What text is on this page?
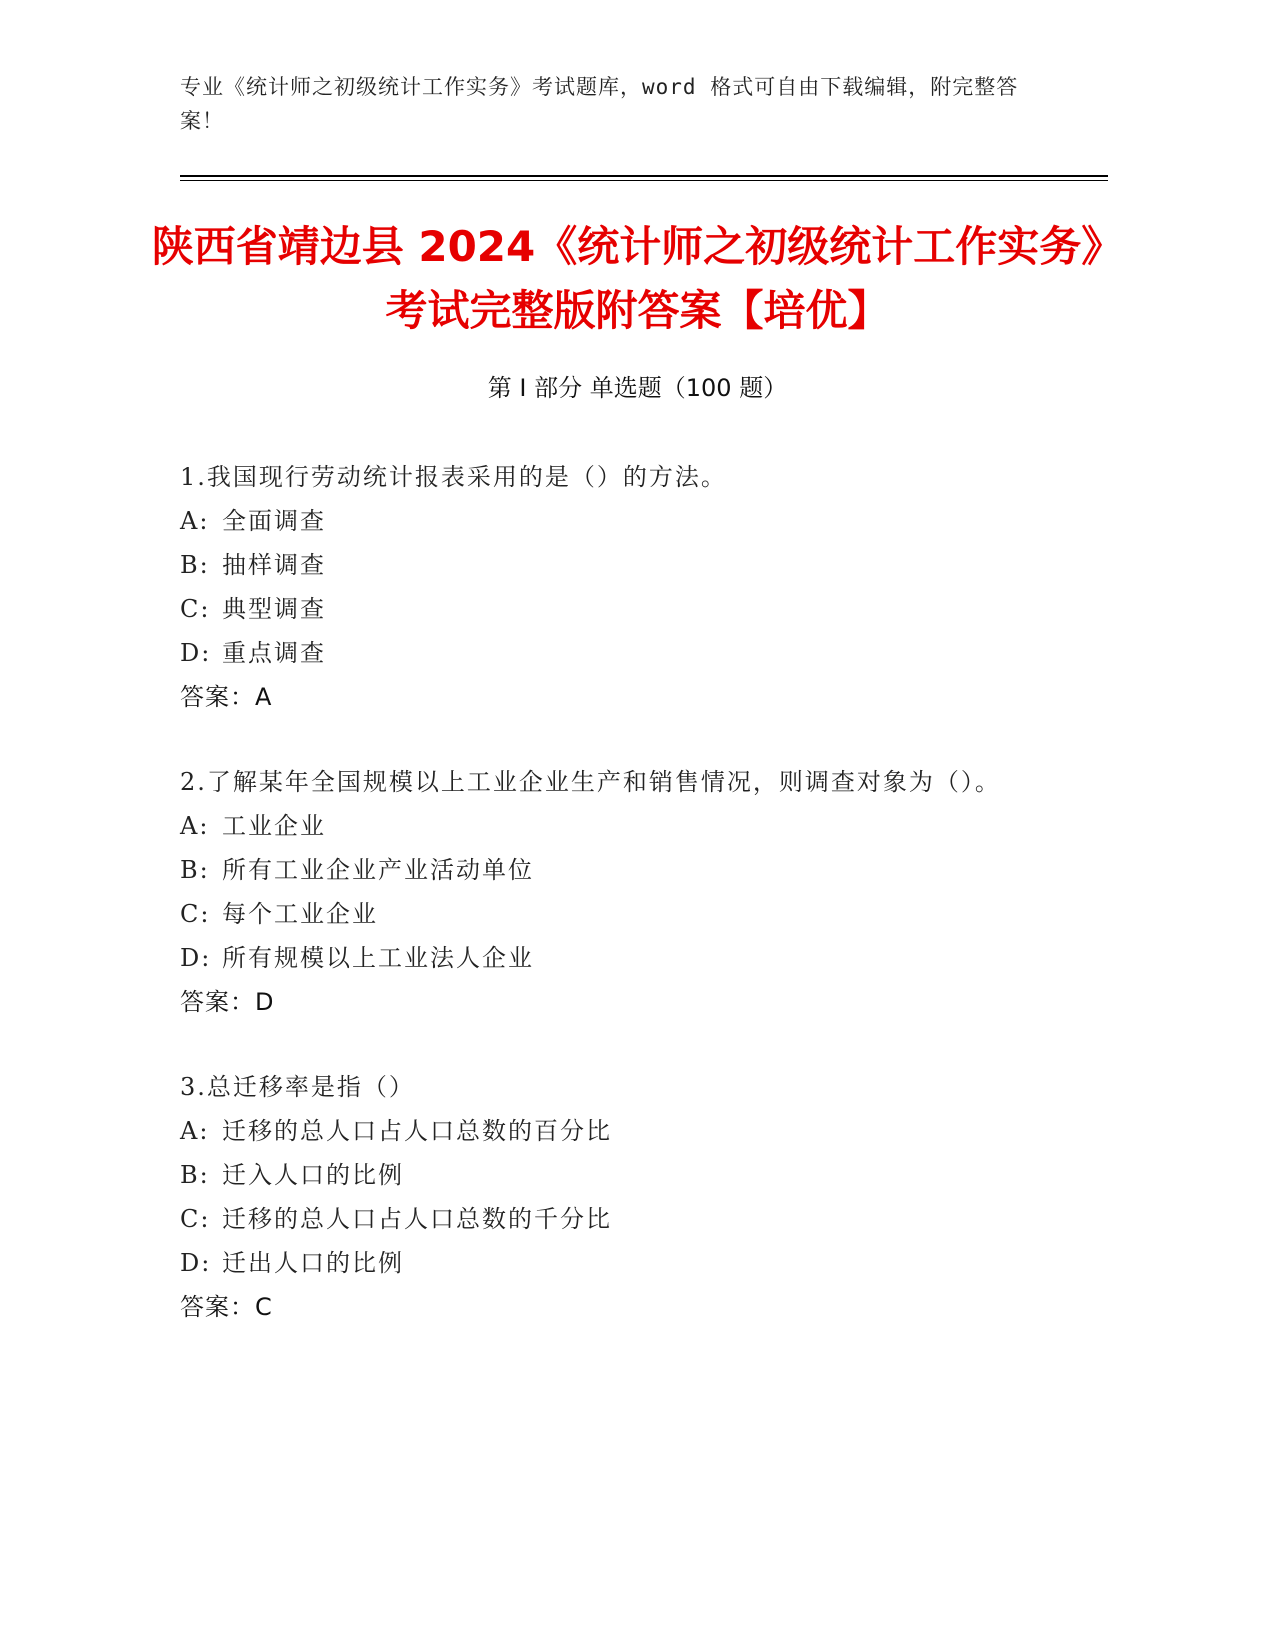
专业《统计师之初级统计工作实务》考试题库，word 格式可自由下载编辑，附完整答案！
陕西省靖边县 2024《统计师之初级统计工作实务》考试完整版附答案【培优】
第 I 部分 单选题（100 题）
1.我国现行劳动统计报表采用的是（）的方法。
A: 全面调查
B: 抽样调查
C: 典型调查
D: 重点调查
答案：A
2.了解某年全国规模以上工业企业生产和销售情况，则调查对象为（）。
A: 工业企业
B: 所有工业企业产业活动单位
C: 每个工业企业
D: 所有规模以上工业法人企业
答案：D
3.总迁移率是指（）
A: 迁移的总人口占人口总数的百分比
B: 迁入人口的比例
C: 迁移的总人口占人口总数的千分比
D: 迁出人口的比例
答案：C
